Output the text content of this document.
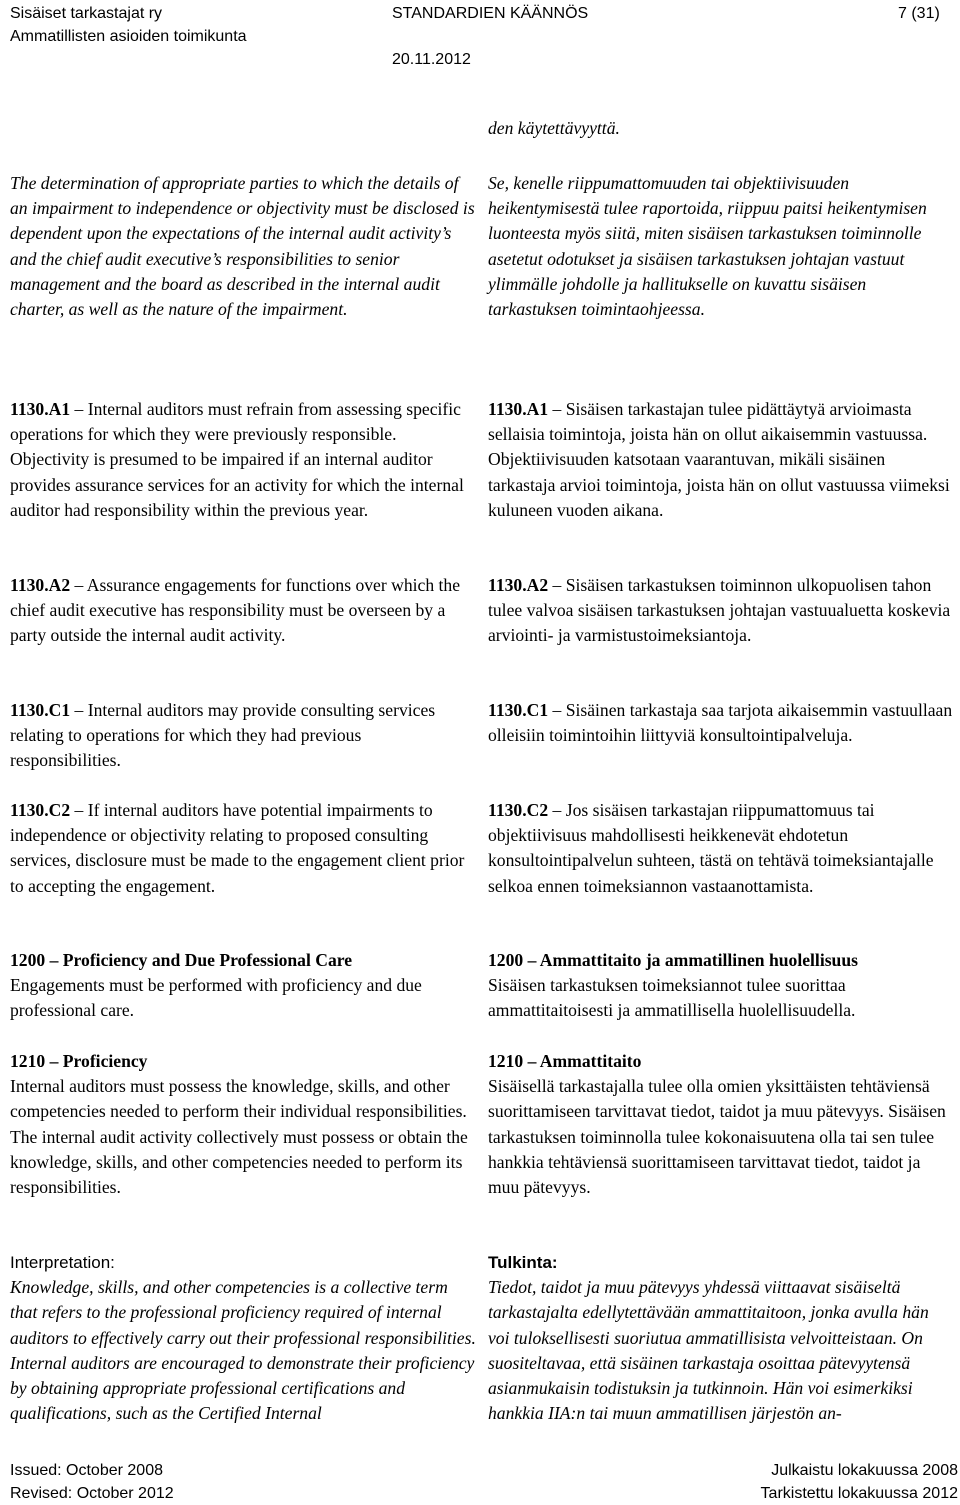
Sisäiset tarkastajat ry
Ammatillisten asioiden toimikunta
STANDARDIEN KÄÄNNÖS
20.11.2012
7 (31)

The determination of appropriate parties to which the details of an impairment to independence or objectivity must be disclosed is dependent upon the expectations of the internal audit activity’s and the chief audit executive’s responsibilities to senior management and the board as described in the internal audit charter, as well as the nature of the impairment.

1130.A1 – Internal auditors must refrain from assessing specific operations for which they were previously responsible. Objectivity is presumed to be impaired if an internal auditor provides assurance services for an activity for which the internal auditor had responsibility within the previous year.

1130.A2 – Assurance engagements for functions over which the chief audit executive has responsibility must be overseen by a party outside the internal audit activity.

1130.C1 – Internal auditors may provide consulting services relating to operations for which they had previous responsibilities.

1130.C2 – If internal auditors have potential impairments to independence or objectivity relating to proposed consulting services, disclosure must be made to the engagement client prior to accepting the engagement.

1200 – Proficiency and Due Professional Care

Engagements must be performed with proficiency and due professional care.

1210 – Proficiency

Internal auditors must possess the knowledge, skills, and other competencies needed to perform their individual responsibilities. The internal audit activity collectively must possess or obtain the knowledge, skills, and other competencies needed to perform its responsibilities.

Interpretation:

Knowledge, skills, and other competencies is a collective term that refers to the professional proficiency required of internal auditors to effectively carry out their professional responsibilities. Internal auditors are encouraged to demonstrate their proficiency by obtaining appropriate professional certifications and qualifications, such as the Certified Internal

den käytettävyyttä.

Se, kenelle riippumattomuuden tai objektiivisuuden heikentymisestä tulee raportoida, riippuu paitsi heikentymisen luonteesta myös siitä, miten sisäisen tarkastuksen toiminnolle asetetut odotukset ja sisäisen tarkastuksen johtajan vastuut ylimmälle johdolle ja hallitukselle on kuvattu sisäisen tarkastuksen toimintaohjeessa.

1130.A1 – Sisäisen tarkastajan tulee pidättäytyä arvioimasta sellaisia toimintoja, joista hän on ollut aikaisemmin vastuussa. Objektiivisuuden katsotaan vaarantuvan, mikäli sisäinen tarkastaja arvioi toimintoja, joista hän on ollut vastuussa viimeksi kuluneen vuoden aikana.

1130.A2 – Sisäisen tarkastuksen toiminnon ulkopuolisen tahon tulee valvoa sisäisen tarkastuksen johtajan vastuualuetta koskevia arviointi- ja varmistustoimeksiantoja.

1130.C1 – Sisäinen tarkastaja saa tarjota aikaisemmin vastuullaan olleisiin toimintoihin liittyviä konsultointipalveluja.

1130.C2 – Jos sisäisen tarkastajan riippumattomuus tai objektiivisuus mahdollisesti heikkenevät ehdotetun konsultointipalvelun suhteen, tästä on tehtävä toimeksiantajalle selkoa ennen toimeksiannon vastaanottamista.

1200 – Ammattitaito ja ammatillinen huolellisuus

Sisäisen tarkastuksen toimeksiannot tulee suorittaa ammattitaitoisesti ja ammatillisella huolellisuudella.

1210 – Ammattitaito

Sisäisellä tarkastajalla tulee olla omien yksittäisten tehtäviensä suorittamiseen tarvittavat tiedot, taidot ja muu pätevyys. Sisäisen tarkastuksen toiminnolla tulee kokonaisuutena olla tai sen tulee hankkia tehtäviensä suorittamiseen tarvittavat tiedot, taidot ja muu pätevyys.

Tulkinta:

Tiedot, taidot ja muu pätevyys yhdessä viittaavat sisäiseltä tarkastajalta edellytettävään ammattitaitoon, jonka avulla hän voi tuloksellisesti suoriutua ammatillisista velvoitteistaan. On suositeltavaa, että sisäinen tarkastaja osoittaa pätevyytensä asianmukaisin todistuksin ja tutkinnoin. Hän voi esimerkiksi hankkia IIA:n tai muun ammatillisen järjestön an-

Issued: October 2008
Revised: October 2012
Julkaistu lokakuussa 2008
Tarkistettu lokakuussa 2012
